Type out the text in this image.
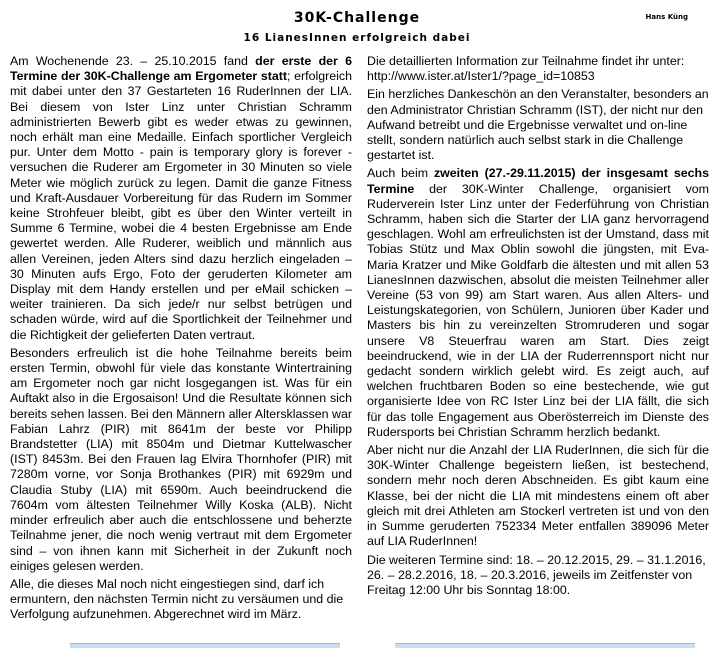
30K-Challenge
16 LianesInnen erfolgreich dabei
Hans Küng

Am Wochenende 23. – 25.10.2015 fand der erste der 6 Termine der 30K-Challenge am Ergometer statt; erfolgreich mit dabei unter den 37 Gestarteten 16 RuderInnen der LIA. Bei diesem von Ister Linz unter Christian Schramm administrierten Bewerb gibt es weder etwas zu gewinnen, noch erhält man eine Medaille. Einfach sportlicher Vergleich pur. Unter dem Motto - pain is temporary glory is forever - versuchen die Ruderer am Ergometer in 30 Minuten so viele Meter wie möglich zurück zu legen. Damit die ganze Fitness und Kraft-Ausdauer Vorbereitung für das Rudern im Sommer keine Strohfeuer bleibt, gibt es über den Winter verteilt in Summe 6 Termine, wobei die 4 besten Ergebnisse am Ende gewertet werden. Alle Ruderer, weiblich und männlich aus allen Vereinen, jeden Alters sind dazu herzlich eingeladen – 30 Minuten aufs Ergo, Foto der geruderten Kilometer am Display mit dem Handy erstellen und per eMail schicken – weiter trainieren. Da sich jede/r nur selbst betrügen und schaden würde, wird auf die Sportlichkeit der Teilnehmer und die Richtigkeit der gelieferten Daten vertraut.

Besonders erfreulich ist die hohe Teilnahme bereits beim ersten Termin, obwohl für viele das konstante Wintertraining am Ergometer noch gar nicht losgegangen ist. Was für ein Auftakt also in die Ergosaison! Und die Resultate können sich bereits sehen lassen. Bei den Männern aller Altersklassen war Fabian Lahrz (PIR) mit 8641m der beste vor Philipp Brandstetter (LIA) mit 8504m und Dietmar Kuttelwascher (IST) 8453m. Bei den Frauen lag Elvira Thornhofer (PIR) mit 7280m vorne, vor Sonja Brothankes (PIR) mit 6929m und Claudia Stuby (LIA) mit 6590m. Auch beeindruckend die 7604m vom ältesten Teilnehmer Willy Koska (ALB). Nicht minder erfreulich aber auch die entschlossene und beherzte Teilnahme jener, die noch wenig vertraut mit dem Ergometer sind – von ihnen kann mit Sicherheit in der Zukunft noch einiges gelesen werden.

Alle, die dieses Mal noch nicht eingestiegen sind, darf ich ermuntern, den nächsten Termin nicht zu versäumen und die Verfolgung aufzunehmen. Abgerechnet wird im März.

Die detaillierten Information zur Teilnahme findet ihr unter:
http://www.ister.at/Ister1/?page_id=10853

Ein herzliches Dankeschön an den Veranstalter, besonders an den Administrator Christian Schramm (IST), der nicht nur den Aufwand betreibt und die Ergebnisse verwaltet und on-line stellt, sondern natürlich auch selbst stark in die Challenge gestartet ist.

Auch beim zweiten (27.-29.11.2015) der insgesamt sechs Termine der 30K-Winter Challenge, organisiert vom Ruderverein Ister Linz unter der Federführung von Christian Schramm, haben sich die Starter der LIA ganz hervorragend geschlagen. Wohl am erfreulichsten ist der Umstand, dass mit Tobias Stütz und Max Oblin sowohl die jüngsten, mit Eva-Maria Kratzer und Mike Goldfarb die ältesten und mit allen 53 LianesInnen dazwischen, absolut die meisten Teilnehmer aller Vereine (53 von 99) am Start waren. Aus allen Alters- und Leistungskategorien, von Schülern, Junioren über Kader und Masters bis hin zu vereinzelten Stromruderen und sogar unsere V8 Steuerfrau waren am Start. Dies zeigt beeindruckend, wie in der LIA der Ruderrennsport nicht nur gedacht sondern wirklich gelebt wird. Es zeigt auch, auf welchen fruchtbaren Boden so eine bestechende, wie gut organisierte Idee von RC Ister Linz bei der LIA fällt, die sich für das tolle Engagement aus Oberösterreich im Dienste des Rudersports bei Christian Schramm herzlich bedankt.

Aber nicht nur die Anzahl der LIA RuderInnen, die sich für die 30K-Winter Challenge begeistern ließen, ist bestechend, sondern mehr noch deren Abschneiden. Es gibt kaum eine Klasse, bei der nicht die LIA mit mindestens einem oft aber gleich mit drei Athleten am Stockerl vertreten ist und von den in Summe geruderten 752334 Meter entfallen 389096 Meter auf LIA RuderInnen!

Die weiteren Termine sind: 18. – 20.12.2015, 29. – 31.1.2016, 26. – 28.2.2016, 18. – 20.3.2016, jeweils im Zeitfenster von Freitag 12:00 Uhr bis Sonntag 18:00.
